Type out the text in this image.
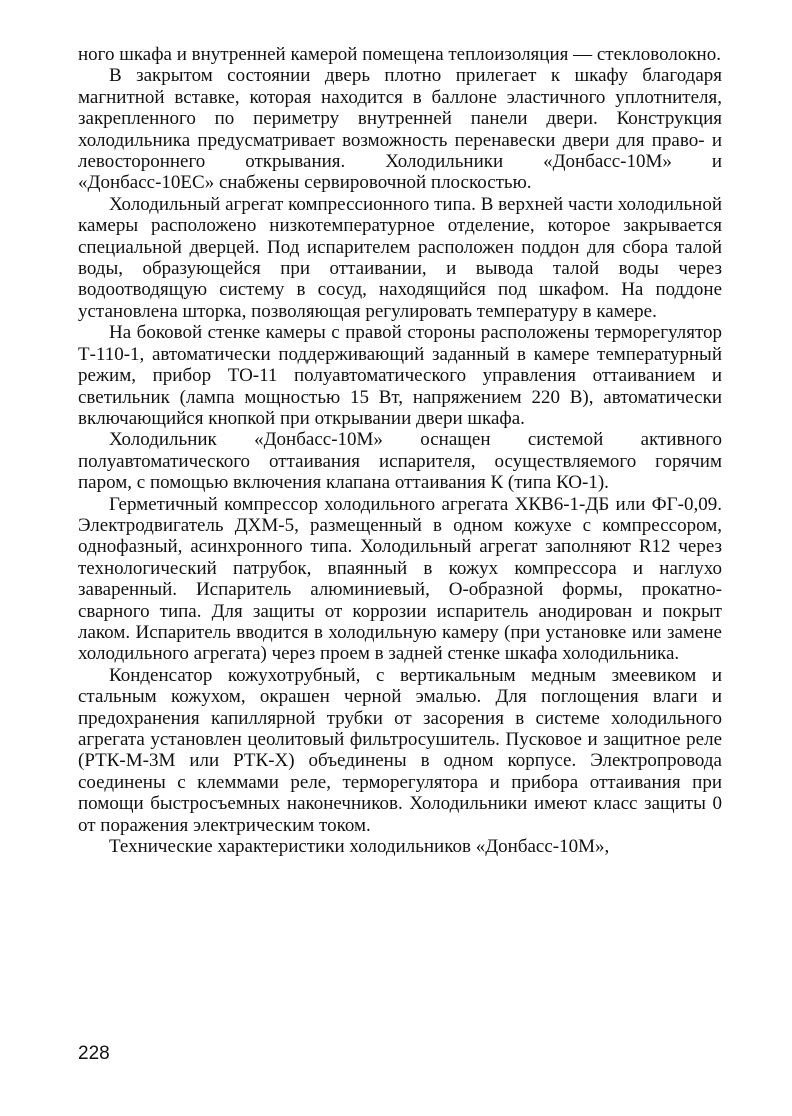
ного шкафа и внутренней камерой помещена теплоизоляция — стекловолокно.

В закрытом состоянии дверь плотно прилегает к шкафу благодаря магнитной вставке, которая находится в баллоне эластичного уплотнителя, закрепленного по периметру внутренней панели двери. Конструкция холодильника предусматривает возможность перенавески двери для право- и левостороннего открывания. Холодильники «Донбасс-10М» и «Донбасс-10ЕС» снабжены сервировочной плоскостью.

Холодильный агрегат компрессионного типа. В верхней части холодильной камеры расположено низкотемпературное отделение, которое закрывается специальной дверцей. Под испарителем расположен поддон для сбора талой воды, образующейся при оттаивании, и вывода талой воды через водоотводящую систему в сосуд, находящийся под шкафом. На поддоне установлена шторка, позволяющая регулировать температуру в камере.

На боковой стенке камеры с правой стороны расположены терморегулятор Т-110-1, автоматически поддерживающий заданный в камере температурный режим, прибор ТО-11 полуавтоматического управления оттаиванием и светильник (лампа мощностью 15 Вт, напряжением 220 В), автоматически включающийся кнопкой при открывании двери шкафа.

Холодильник «Донбасс-10М» оснащен системой активного полуавтоматического оттаивания испарителя, осуществляемого горячим паром, с помощью включения клапана оттаивания К (типа КО-1).

Герметичный компрессор холодильного агрегата ХКВ6-1-ДБ или ФГ-0,09. Электродвигатель ДХМ-5, размещенный в одном кожухе с компрессором, однофазный, асинхронного типа. Холодильный агрегат заполняют R12 через технологический патрубок, впаянный в кожух компрессора и наглухо заваренный. Испаритель алюминиевый, О-образной формы, прокатно-сварного типа. Для защиты от коррозии испаритель анодирован и покрыт лаком. Испаритель вводится в холодильную камеру (при установке или замене холодильного агрегата) через проем в задней стенке шкафа холодильника.

Конденсатор кожухотрубный, с вертикальным медным змеевиком и стальным кожухом, окрашен черной эмалью. Для поглощения влаги и предохранения капиллярной трубки от засорения в системе холодильного агрегата установлен цеолитовый фильтросушитель. Пусковое и защитное реле (РТК-М-3М или РТК-Х) объединены в одном корпусе. Электропровода соединены с клеммами реле, терморегулятора и прибора оттаивания при помощи быстросъемных наконечников. Холодильники имеют класс защиты 0 от поражения электрическим током.

Технические характеристики холодильников «Донбасс-10М»,

228
